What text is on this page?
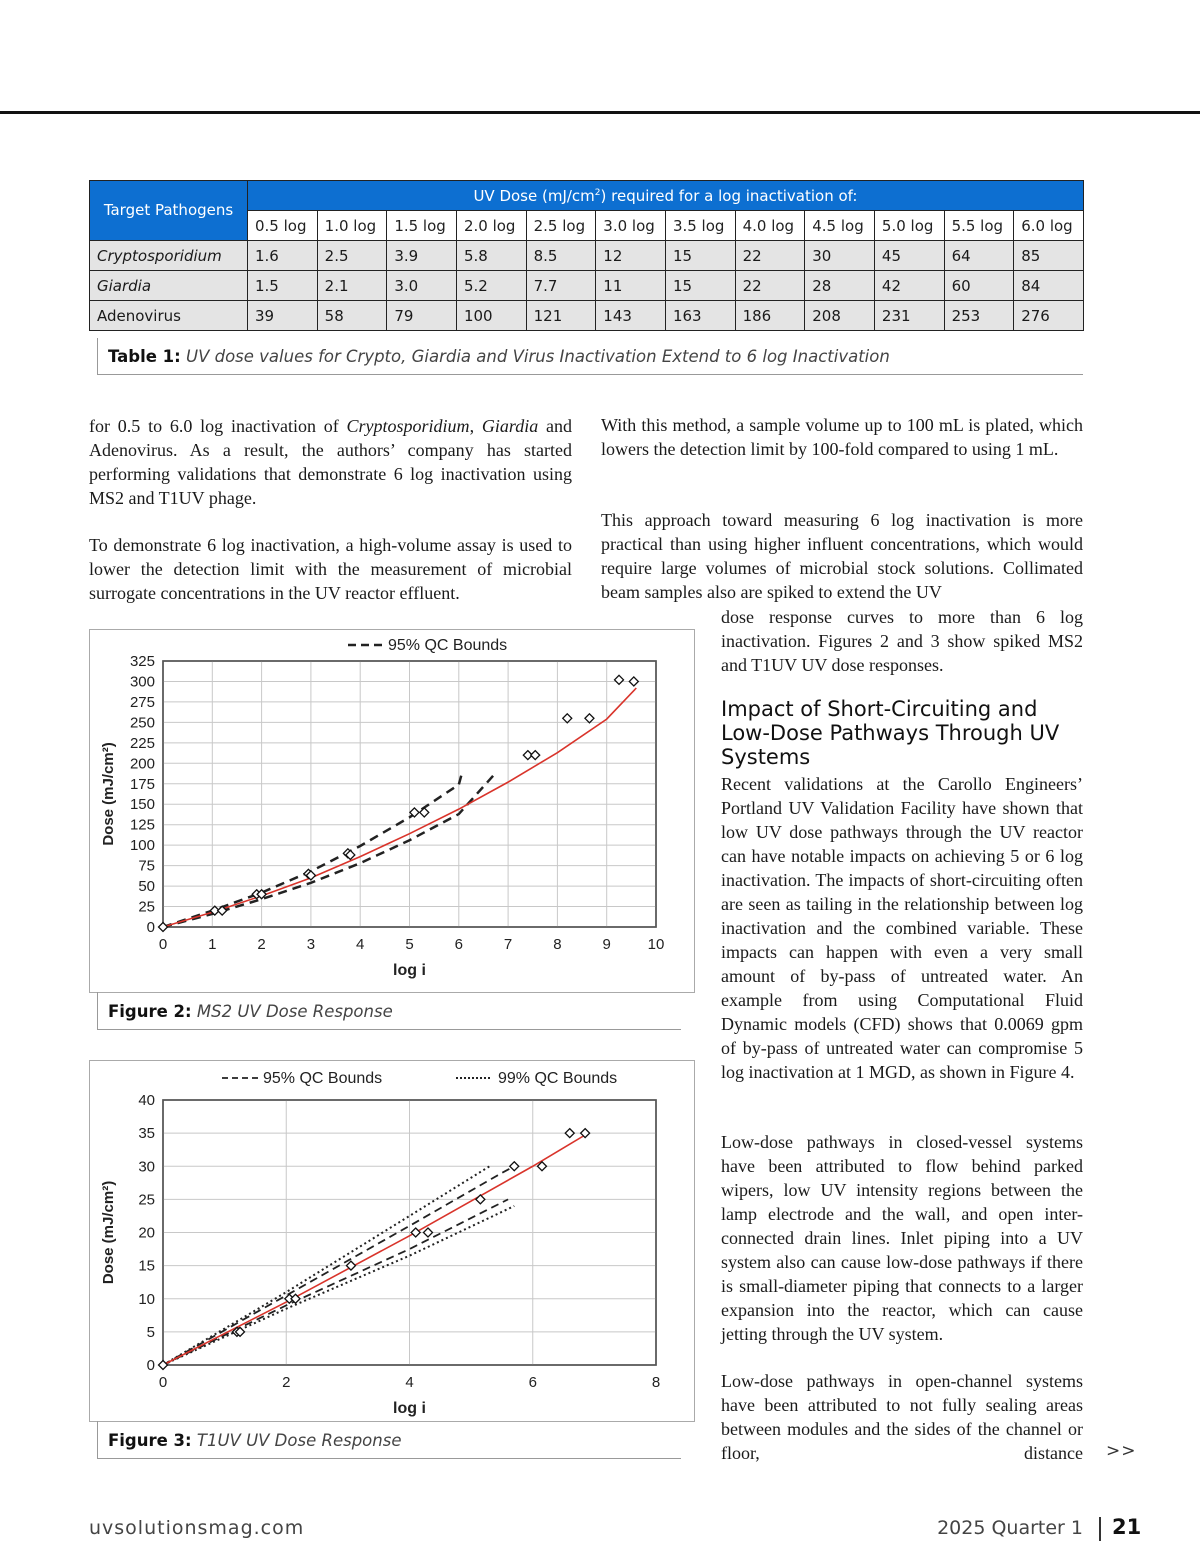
Target Pathogens	UV Dose $(mJ/cm^2)$ required for a log inactivation of:											
	0.5 log	1.0 log	1.5 log	2.0 log	2.5 log	3.0 log	3.5 log	4.0 log	4.5 log	5.0 log	5.5 log	6.0 log
Cryptosporidium	1.6	2.5	3.9	5.8	8.5	12	15	22	30	45	64	85
Giardia	1.5	2.1	3.0	5.2	7.7	11	15	22	28	42	60	84
Adenovirus	39	58	79	100	121	143	163	186	208	231	253	276
Table 1: UV dose values for Crypto, Giardia and Virus Inactivation Extend to 6 log Inactivation

for 0.5 to 6.0 log inactivation of Cryptosporidium, Giardia and Adenovirus. As a result, the authors’ company has started performing validations that demonstrate 6 log inactivation using MS2 and T1UV phage.

To demonstrate 6 log inactivation, a high-volume assay is used to lower the detection limit with the measurement of microbial surrogate concentrations in the UV reactor effluent.

With this method, a sample volume up to 100 mL is plated, which lowers the detection limit by 100-fold compared to using 1 mL.

This approach toward measuring 6 log inactivation is more practical than using higher influent concentrations, which would require large volumes of microbial stock solutions. Collimated beam samples also are spiked to extend the UV

dose response curves to more than 6 log inactivation. Figures 2 and 3 show spiked MS2 and T1UV UV dose responses.

Impact of Short-Circuiting and Low-Dose Pathways Through UV Systems

Recent validations at the Carollo Engineers’ Portland UV Validation Facility have shown that low UV dose pathways through the UV reactor can have notable impacts on achieving 5 or 6 log inactivation. The impacts of short-circuiting often are seen as tailing in the relationship between log inactivation and the combined variable. These impacts can happen with even a very small amount of by-pass of untreated water. An example from using Computational Fluid Dynamic models (CFD) shows that 0.0069 gpm of by-pass of untreated water can compromise 5 log inactivation at 1 MGD, as shown in Figure 4.

Low-dose pathways in closed-vessel systems have been attributed to flow behind parked wipers, low UV intensity regions between the lamp electrode and the wall, and open inter-connected drain lines. Inlet piping into a UV system also can cause low-dose pathways if there is small-diameter piping that connects to a larger expansion into the reactor, which can cause jetting through the UV system.

Low-dose pathways in open-channel systems have been attributed to not fully sealing areas between modules and the sides of the channel or floor, distance >>
0	1	2	3	4	5	6	7	8	9 10
0
25
50
75
100
125
150
175
200
225
250
275
300
325
log i
Dose (mJ/cm²)
95% QC Bounds
Figure 2: MS2 UV Dose Response
0	2	4	6	8
0
5
10
15
20
25
30
35
40
log i
Dose (mJ/cm²)
95% QC Bounds	99% QC Bounds
Figure 3: T1UV UV Dose Response
uvsolutionsmag.com	2025 Quarter 1 21
